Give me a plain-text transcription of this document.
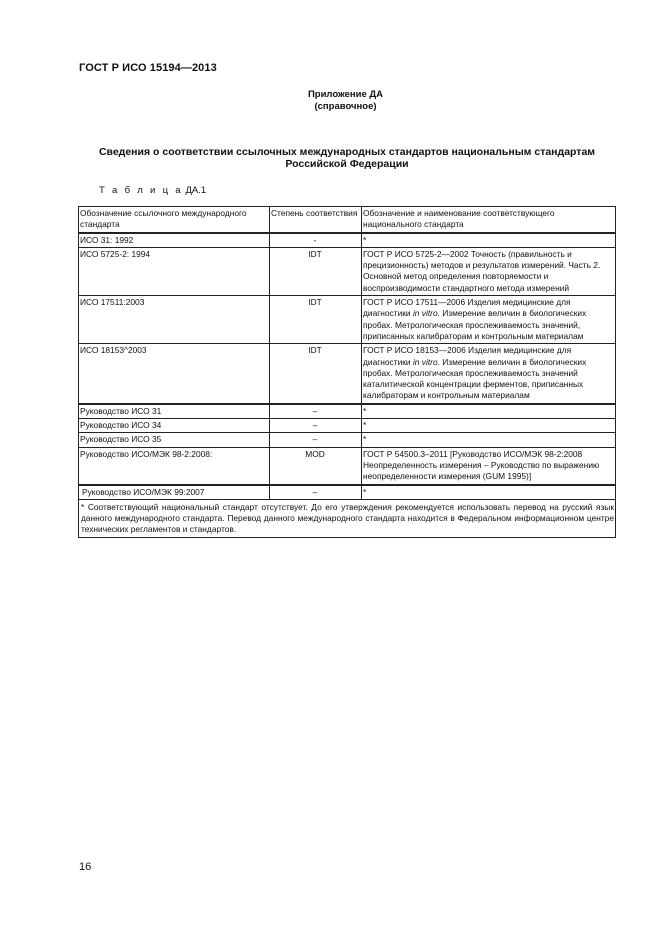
ГОСТ Р ИСО 15194—2013
Приложение ДА
(справочное)
Сведения о соответствии ссылочных международных стандартов национальным стандартам Российской Федерации
Т а б л и ц а ДА.1
Обозначение ссылочного международного стандарта	Степень соответствия	Обозначение и наименование соответствующего национального стандарта
ИСО 31: 1992	-	*
ИСО 5725-2: 1994	IDT	ГОСТ Р ИСО 5725-2—2002 Точность (правильность и прецизионность) методов и результатов измерений. Часть 2. Основной метод определения повторяемости и воспроизводимости стандартного метода измерений
ИСО 17511:2003	IDT	ГОСТ Р ИСО 17511—2006 Изделия медицинские для диагностики in vitro. Измерение величин в биологических пробах. Метрологическая прослеживаемость значений, приписанных калибраторам и контрольным материалам
ИСО 18153^2003	IDT	ГОСТ Р ИСО 18153—2006 Изделия медицинские для диагностики in vitro. Измерение величин в биологических пробах. Метрологическая прослеживаемость значений каталитической концентрации ферментов, приписанных калибраторам и контрольным материалам
Руководство ИСО 31	–	*
Руководство ИСО 34	–	*
Руководство ИСО 35	–	*
Руководство ИСО/МЭК 98-2:2008:	MOD	ГОСТ Р 54500.3–2011 [Руководство ИСО/МЭК 98-2:2008 Неопределенность измерения – Руководство по выражению неопределенности измерения (GUM 1995)]
Руководство ИСО/МЭК 99:2007	–	*
* Соответствующий национальный стандарт отсутствует. До его утверждения рекомендуется использовать перевод на русский язык данного международного стандарта. Перевод данного международного стандарта находится в Федеральном информационном центре технических регламентов и стандартов.		
16
